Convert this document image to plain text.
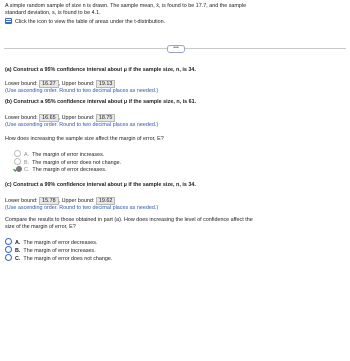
A simple random sample of size n is drawn. The sample mean, x̄, is found to be 17.7, and the sample
standard deviation, s, is found to be 4.1.
Click the icon to view the table of areas under the t-distribution.
•••
(a) Construct a 95% confidence interval about μ if the sample size, n, is 34.
Lower bound: 16.27 , Upper bound: 19.13
(Use ascending order. Round to two decimal places as needed.)
(b) Construct a 95% confidence interval about μ if the sample size, n, is 61.
Lower bound: 16.65 , Upper bound: 18.75
(Use ascending order. Round to two decimal places as needed.)
How does increasing the sample size affect the margin of error, E?
A. The margin of error increases.
B. The margin of error does not change.
C. The margin of error decreases.
(c) Construct a 99% confidence interval about μ if the sample size, n, is 34.
Lower bound: 15.78 , Upper bound: 19.62
(Use ascending order. Round to two decimal places as needed.)
Compare the results to those obtained in part (a). How does increasing the level of confidence affect the
size of the margin of error, E?
A. The margin of error decreases.
B. The margin of error increases.
C. The margin of error does not change.
